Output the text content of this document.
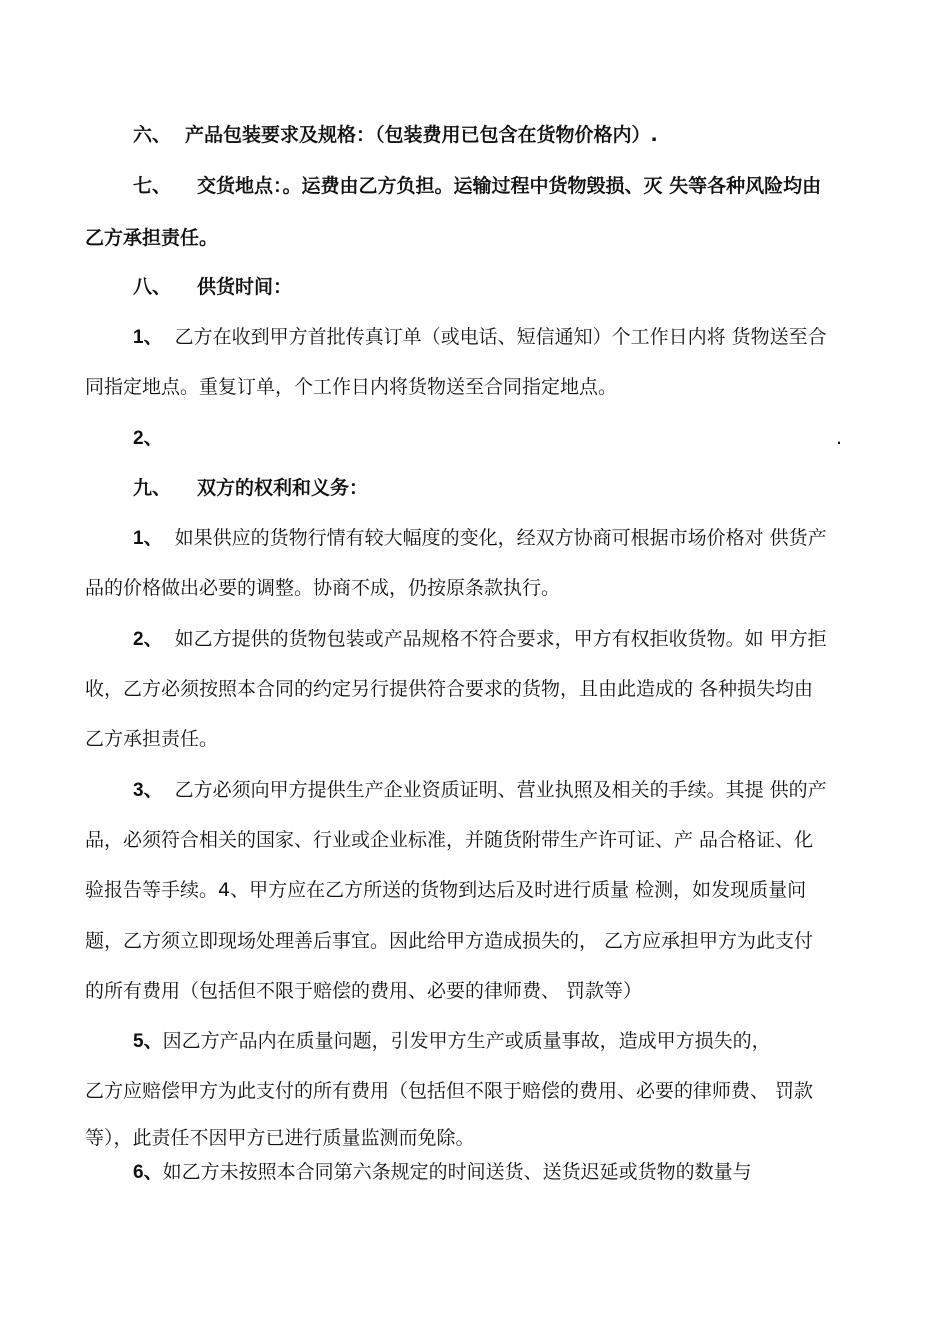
六、 产品包装要求及规格：（包装费用已包含在货物价格内）.
七、 交货地点：。运费由乙方负担。运输过程中货物毁损、灭 失等各种风险均由
乙方承担责任。
八、 供货时间：
1、 乙方在收到甲方首批传真订单（或电话、短信通知）个工作日内将 货物送至合
同指定地点。重复订单，个工作日内将货物送至合同指定地点。
2、	.
九、 双方的权利和义务：
1、 如果供应的货物行情有较大幅度的变化，经双方协商可根据市场价格对 供货产
品的价格做出必要的调整。协商不成，仍按原条款执行。
2、 如乙方提供的货物包装或产品规格不符合要求，甲方有权拒收货物。如 甲方拒
收，乙方必须按照本合同的约定另行提供符合要求的货物，且由此造成的 各种损失均由
乙方承担责任。
3、 乙方必须向甲方提供生产企业资质证明、营业执照及相关的手续。其提 供的产
品，必须符合相关的国家、行业或企业标准，并随货附带生产许可证、产 品合格证、化
验报告等手续。4、甲方应在乙方所送的货物到达后及时进行质量 检测，如发现质量问
题，乙方须立即现场处理善后事宜。因此给甲方造成损失的， 乙方应承担甲方为此支付
的所有费用（包括但不限于赔偿的费用、必要的律师费、 罚款等）
5、因乙方产品内在质量问题，引发甲方生产或质量事故，造成甲方损失的，
乙方应赔偿甲方为此支付的所有费用（包括但不限于赔偿的费用、必要的律师费、 罚款
等），此责任不因甲方已进行质量监测而免除。
6、如乙方未按照本合同第六条规定的时间送货、送货迟延或货物的数量与
